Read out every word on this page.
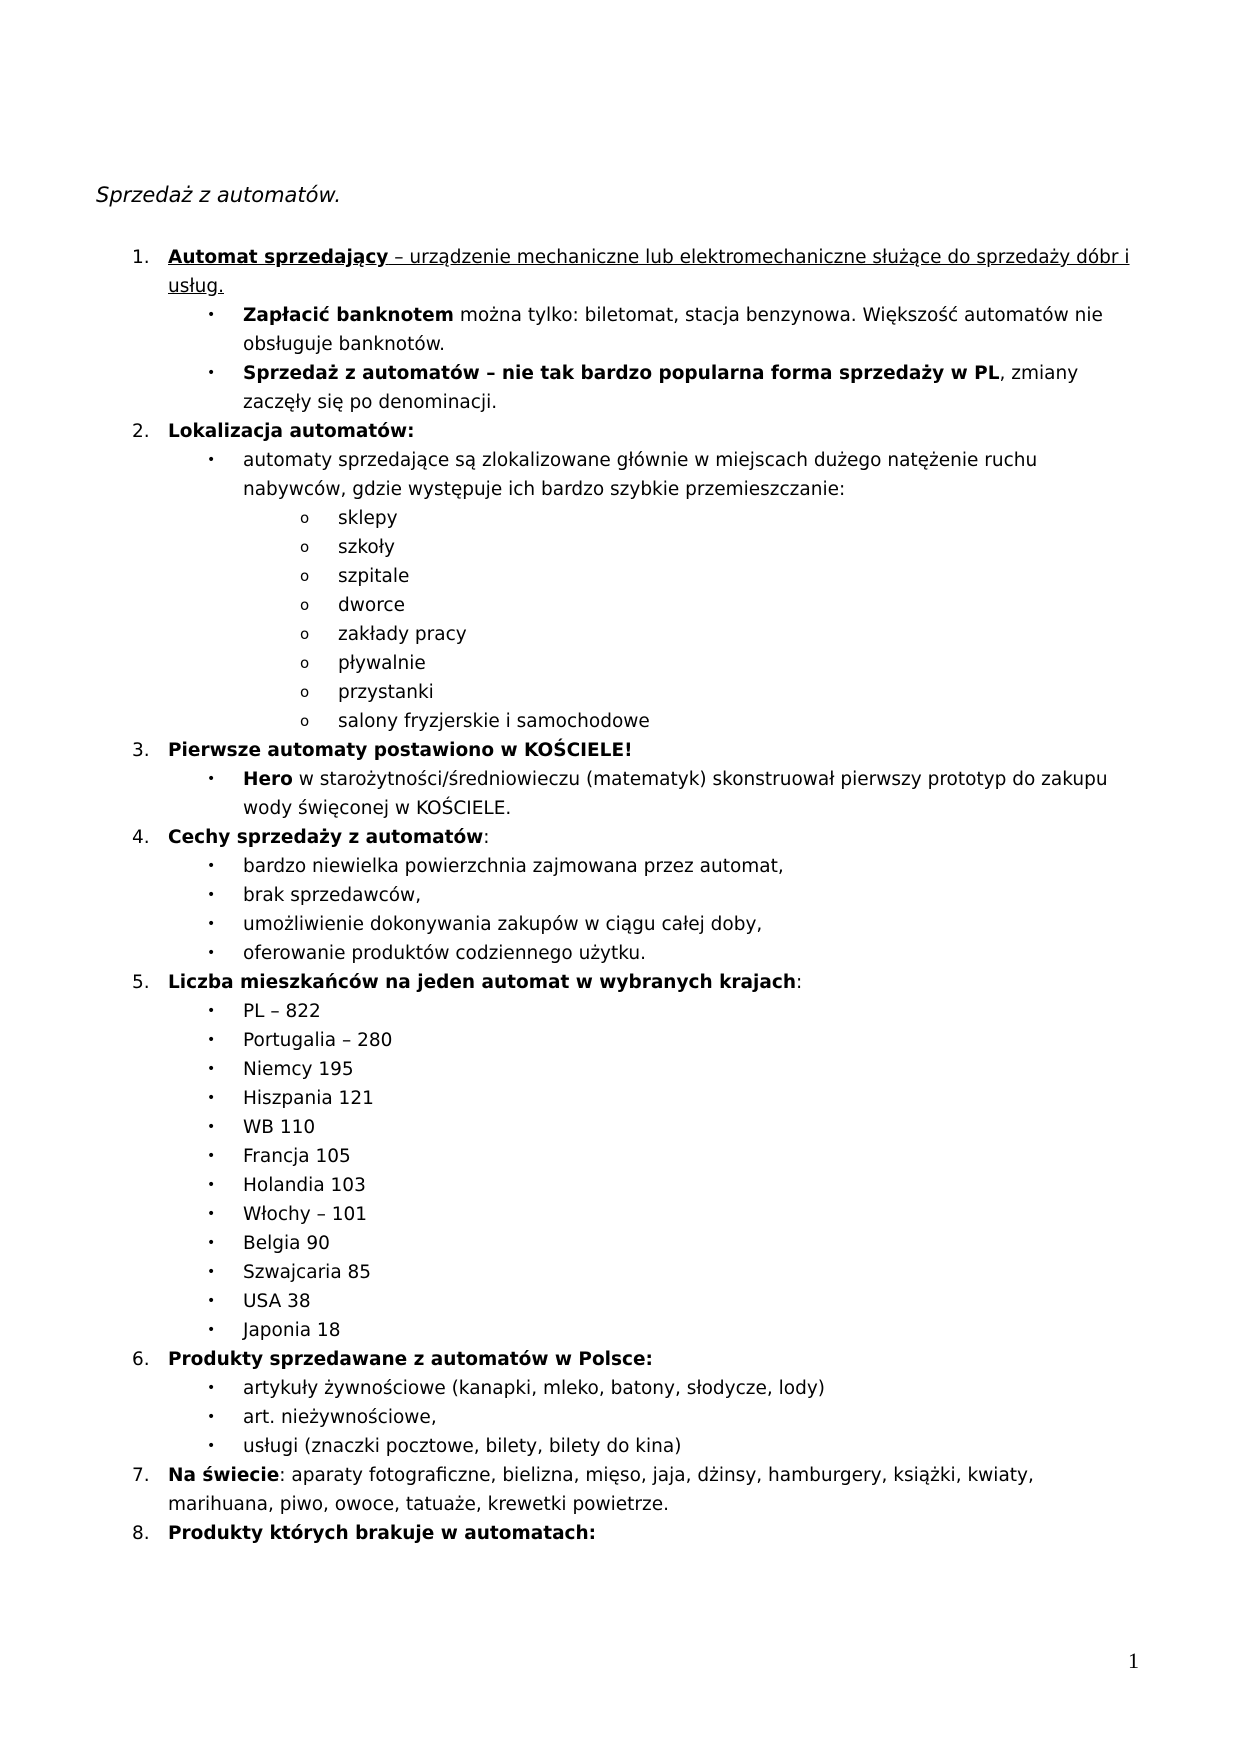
Sprzedaż z automatów.
1. Automat sprzedający – urządzenie mechaniczne lub elektromechaniczne służące do sprzedaży dóbr i usług.
• Zapłacić banknotem można tylko: biletomat, stacja benzynowa. Większość automatów nie obsługuje banknotów.
• Sprzedaż z automatów – nie tak bardzo popularna forma sprzedaży w PL, zmiany zaczęły się po denominacji.
2. Lokalizacja automatów:
• automaty sprzedające są zlokalizowane głównie w miejscach dużego natężenie ruchu nabywców, gdzie występuje ich bardzo szybkie przemieszczanie:
o sklepy
o szkoły
o szpitale
o dworce
o zakłady pracy
o pływalnie
o przystanki
o salony fryzjerskie i samochodowe
3. Pierwsze automaty postawiono w KOŚCIELE!
• Hero w starożytności/średniowieczu (matematyk) skonstruował pierwszy prototyp do zakupu wody święconej w KOŚCIELE.
4. Cechy sprzedaży z automatów:
• bardzo niewielka powierzchnia zajmowana przez automat,
• brak sprzedawców,
• umożliwienie dokonywania zakupów w ciągu całej doby,
• oferowanie produktów codziennego użytku.
5. Liczba mieszkańców na jeden automat w wybranych krajach:
• PL – 822
• Portugalia – 280
• Niemcy 195
• Hiszpania 121
• WB 110
• Francja 105
• Holandia 103
• Włochy – 101
• Belgia 90
• Szwajcaria 85
• USA 38
• Japonia 18
6. Produkty sprzedawane z automatów w Polsce:
• artykuły żywnościowe (kanapki, mleko, batony, słodycze, lody)
• art. nieżywnościowe,
• usługi (znaczki pocztowe, bilety, bilety do kina)
7. Na świecie: aparaty fotograficzne, bielizna, mięso, jaja, dżinsy, hamburgery, książki, kwiaty, marihuana, piwo, owoce, tatuaże, krewetki powietrze.
8. Produkty których brakuje w automatach:
1
